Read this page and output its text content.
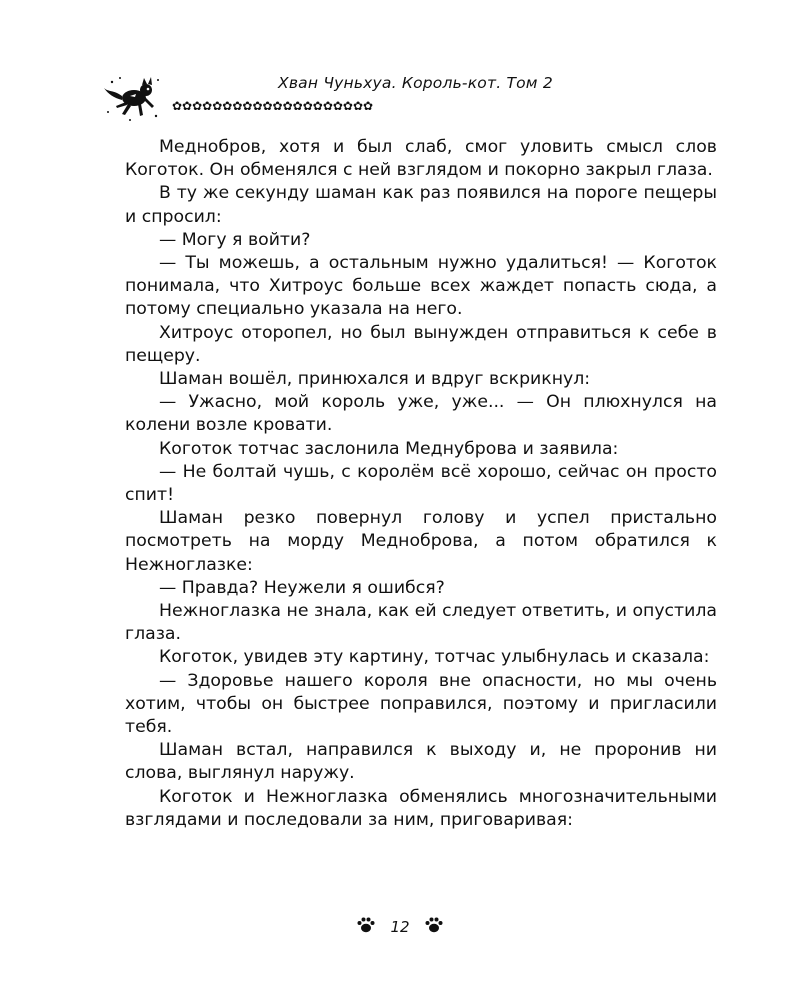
Хван Чуньхуа. Король-кот. Том 2
✿✿✿✿✿✿✿✿✿✿✿✿✿✿✿✿✿✿✿✿

Меднобров, хотя и был слаб, смог уловить смысл слов Коготок. Он обменялся с ней взглядом и покорно закрыл глаза.

В ту же секунду шаман как раз появился на пороге пещеры и спросил:

— Могу я войти?

— Ты можешь, а остальным нужно удалиться! — Коготок понимала, что Хитроус больше всех жаждет попасть сюда, а потому специально указала на него.

Хитроус оторопел, но был вынужден отправиться к себе в пещеру.

Шаман вошёл, принюхался и вдруг вскрикнул:

— Ужасно, мой король уже, уже... — Он плюхнулся на колени возле кровати.

Коготок тотчас заслонила Меднуброва и заявила:

— Не болтай чушь, с королём всё хорошо, сейчас он просто спит!

Шаман резко повернул голову и успел пристально посмотреть на морду Медноброва, а потом обратился к Нежноглазке:

— Правда? Неужели я ошибся?

Нежноглазка не знала, как ей следует ответить, и опустила глаза.

Коготок, увидев эту картину, тотчас улыбнулась и сказала:

— Здоровье нашего короля вне опасности, но мы очень хотим, чтобы он быстрее поправился, поэтому и пригласили тебя.

Шаман встал, направился к выходу и, не проронив ни слова, выглянул наружу.

Коготок и Нежноглазка обменялись многозначительными взглядами и последовали за ним, приговаривая:

12
